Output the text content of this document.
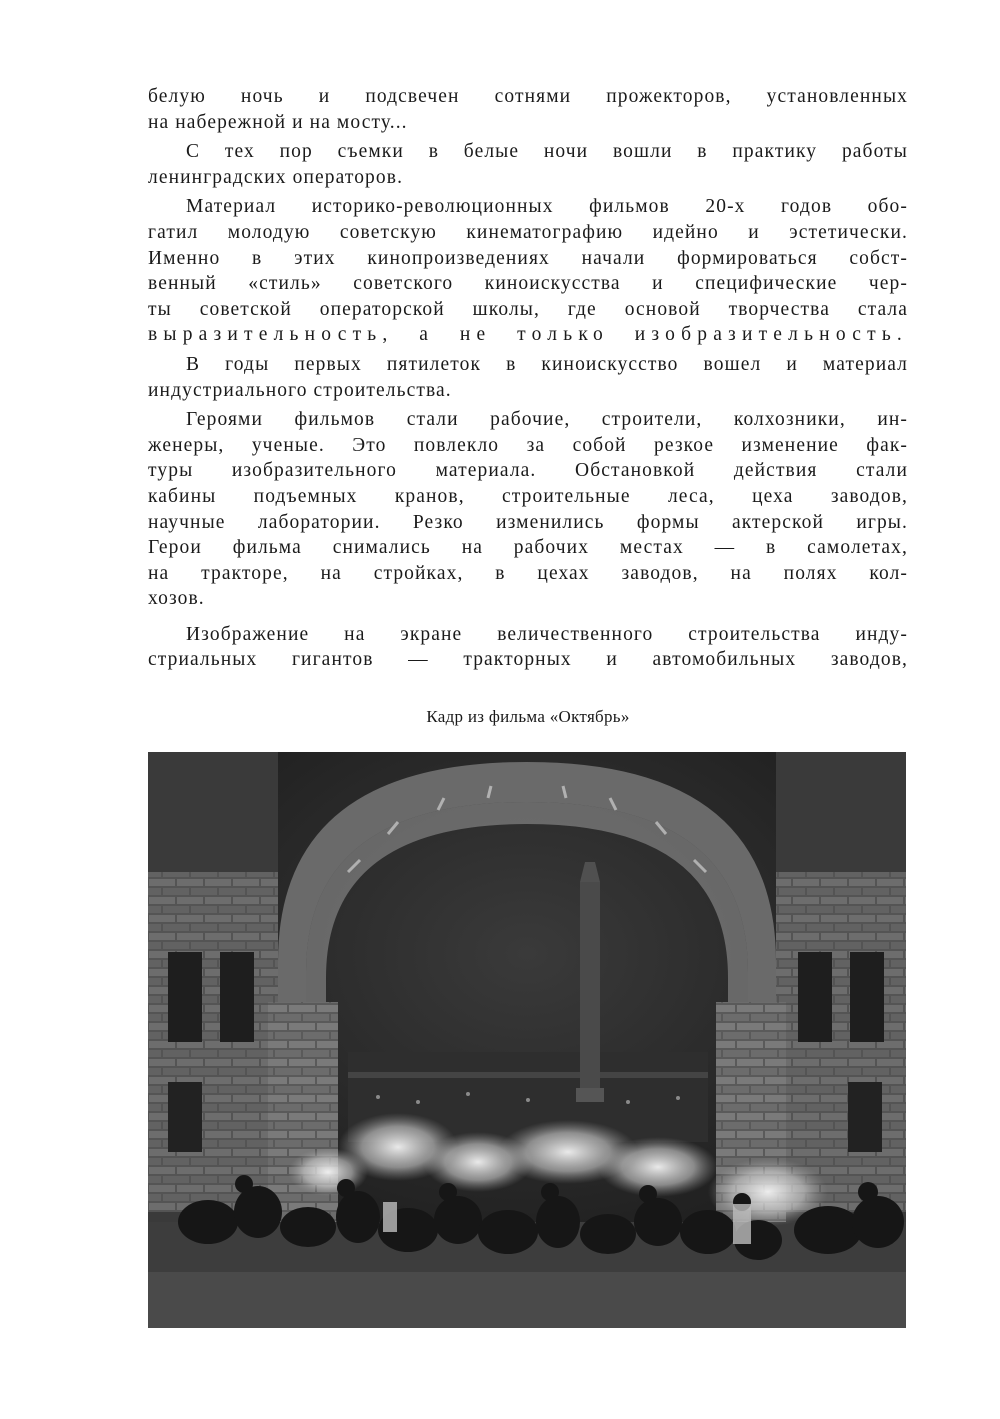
белую ночь и подсвечен сотнями прожекторов, установленных
на набережной и на мосту...

С тех пор съемки в белые ночи вошли в практику работы
ленинградских операторов.

Материал историко-революционных фильмов 20-х годов обо-
гатил молодую советскую кинематографию идейно и эстетически.
Именно в этих кинопроизведениях начали формироваться собст-
венный «стиль» советского киноискусства и специфические чер-
ты советской операторской школы, где основой творчества стала
выразительность, а не только изобразительность.

В годы первых пятилеток в киноискусство вошел и материал
индустриального строительства.

Героями фильмов стали рабочие, строители, колхозники, ин-
женеры, ученые. Это повлекло за собой резкое изменение фак-
туры изобразительного материала. Обстановкой действия стали
кабины подъемных кранов, строительные леса, цеха заводов,
научные лаборатории. Резко изменились формы актерской игры.
Герои фильма снимались на рабочих местах — в самолетах,
на тракторе, на стройках, в цехах заводов, на полях кол-
хозов.

Изображение на экране величественного строительства инду-
стриальных гигантов — тракторных и автомобильных заводов,

Кадр из фильма «Октябрь»
